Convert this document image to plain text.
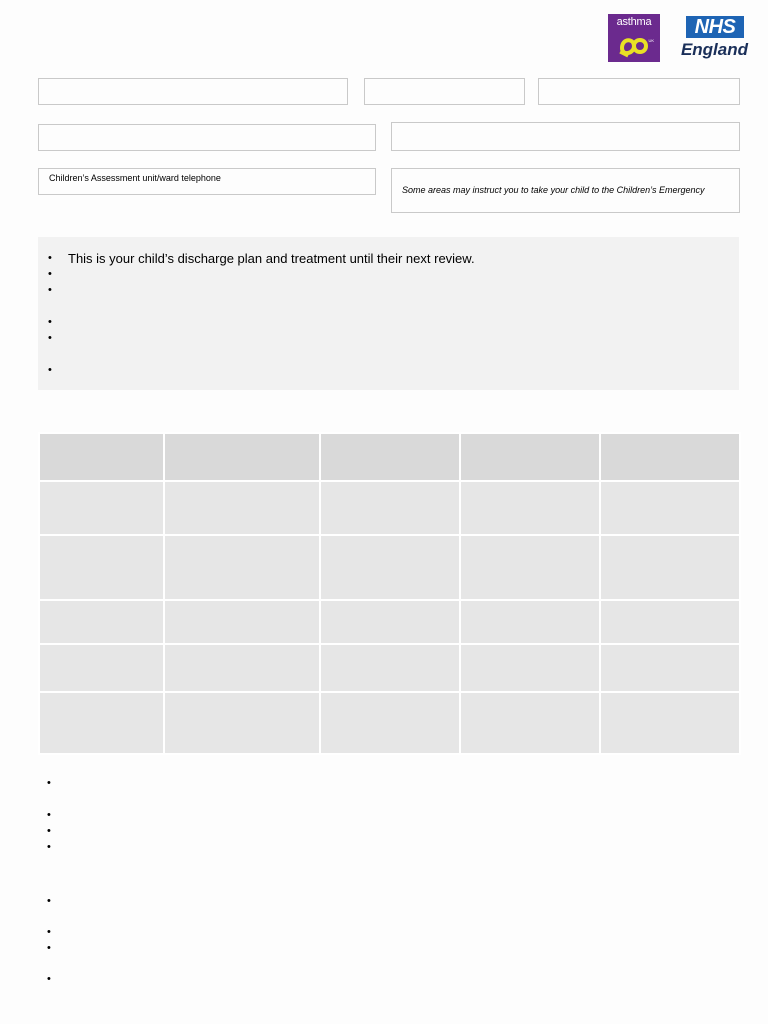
asthma
UK
NHS
England
Children’s Assessment unit/ward telephone
Some areas may instruct you to take your child to the Children’s Emergency
• This is your child’s discharge plan and treatment until their next review.
•
•
•
•
•

•
•
•
•
•
•
•
•
